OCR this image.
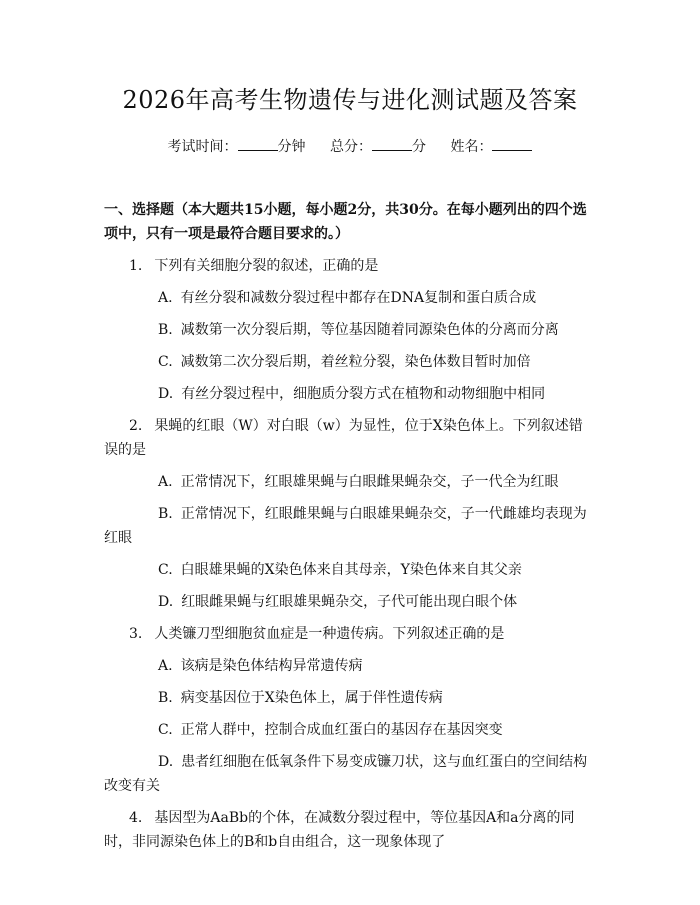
2026年高考生物遗传与进化测试题及答案
考试时间：	分钟 总分：	分 姓名：
一、选择题（本大题共15小题，每小题2分，共30分。在每小题列出的四个选项中，只有一项是最符合题目要求的。）
1. 下列有关细胞分裂的叙述，正确的是
A. 有丝分裂和减数分裂过程中都存在DNA复制和蛋白质合成
B. 减数第一次分裂后期，等位基因随着同源染色体的分离而分离
C. 减数第二次分裂后期，着丝粒分裂，染色体数目暂时加倍
D. 有丝分裂过程中，细胞质分裂方式在植物和动物细胞中相同
2. 果蝇的红眼（W）对白眼（w）为显性，位于X染色体上。下列叙述错误的是
A. 正常情况下，红眼雄果蝇与白眼雌果蝇杂交，子一代全为红眼
B. 正常情况下，红眼雌果蝇与白眼雄果蝇杂交，子一代雌雄均表现为红眼
C. 白眼雄果蝇的X染色体来自其母亲，Y染色体来自其父亲
D. 红眼雌果蝇与红眼雄果蝇杂交，子代可能出现白眼个体
3. 人类镰刀型细胞贫血症是一种遗传病。下列叙述正确的是
A. 该病是染色体结构异常遗传病
B. 病变基因位于X染色体上，属于伴性遗传病
C. 正常人群中，控制合成血红蛋白的基因存在基因突变
D. 患者红细胞在低氧条件下易变成镰刀状，这与血红蛋白的空间结构改变有关
4. 基因型为AaBb的个体，在减数分裂过程中，等位基因A和a分离的同时，非同源染色体上的B和b自由组合，这一现象体现了
